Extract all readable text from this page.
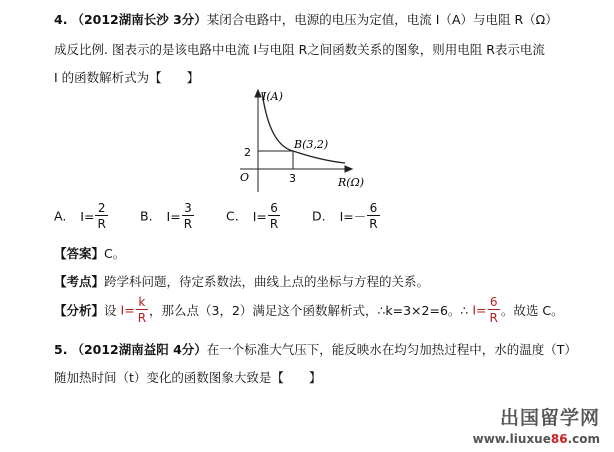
4. （2012湖南长沙 3分）某闭合电路中，电源的电压为定值，电流 I（A）与电阻 R（Ω）
成反比例. 图表示的是该电路中电流 I与电阻 R之间函数关系的图象，则用电阻 R表示电流
I 的函数解析式为【　　】
I(A)
R(Ω)
O
2
3
B(3,2)
A. $I= \frac{2}{R}$	B. $I= \frac{3}{R}$	C. $I= \frac{6}{R}$	D. $I=- \frac{6}{R}$
【答案】C。
【考点】跨学科问题，待定系数法，曲线上点的坐标与方程的关系。
【分析】设 $I= \frac{k}{R}$ ，那么点（3，2）满足这个函数解析式，∴k=3×2=6。∴ $I= \frac{6}{R}$ 。故选 C。
5. （2012湖南益阳 4分）在一个标准大气压下，能反映水在均匀加热过程中，水的温度（T）
随加热时间（t）变化的函数图象大致是【　　】
出国留学网
www.liuxue86.com
